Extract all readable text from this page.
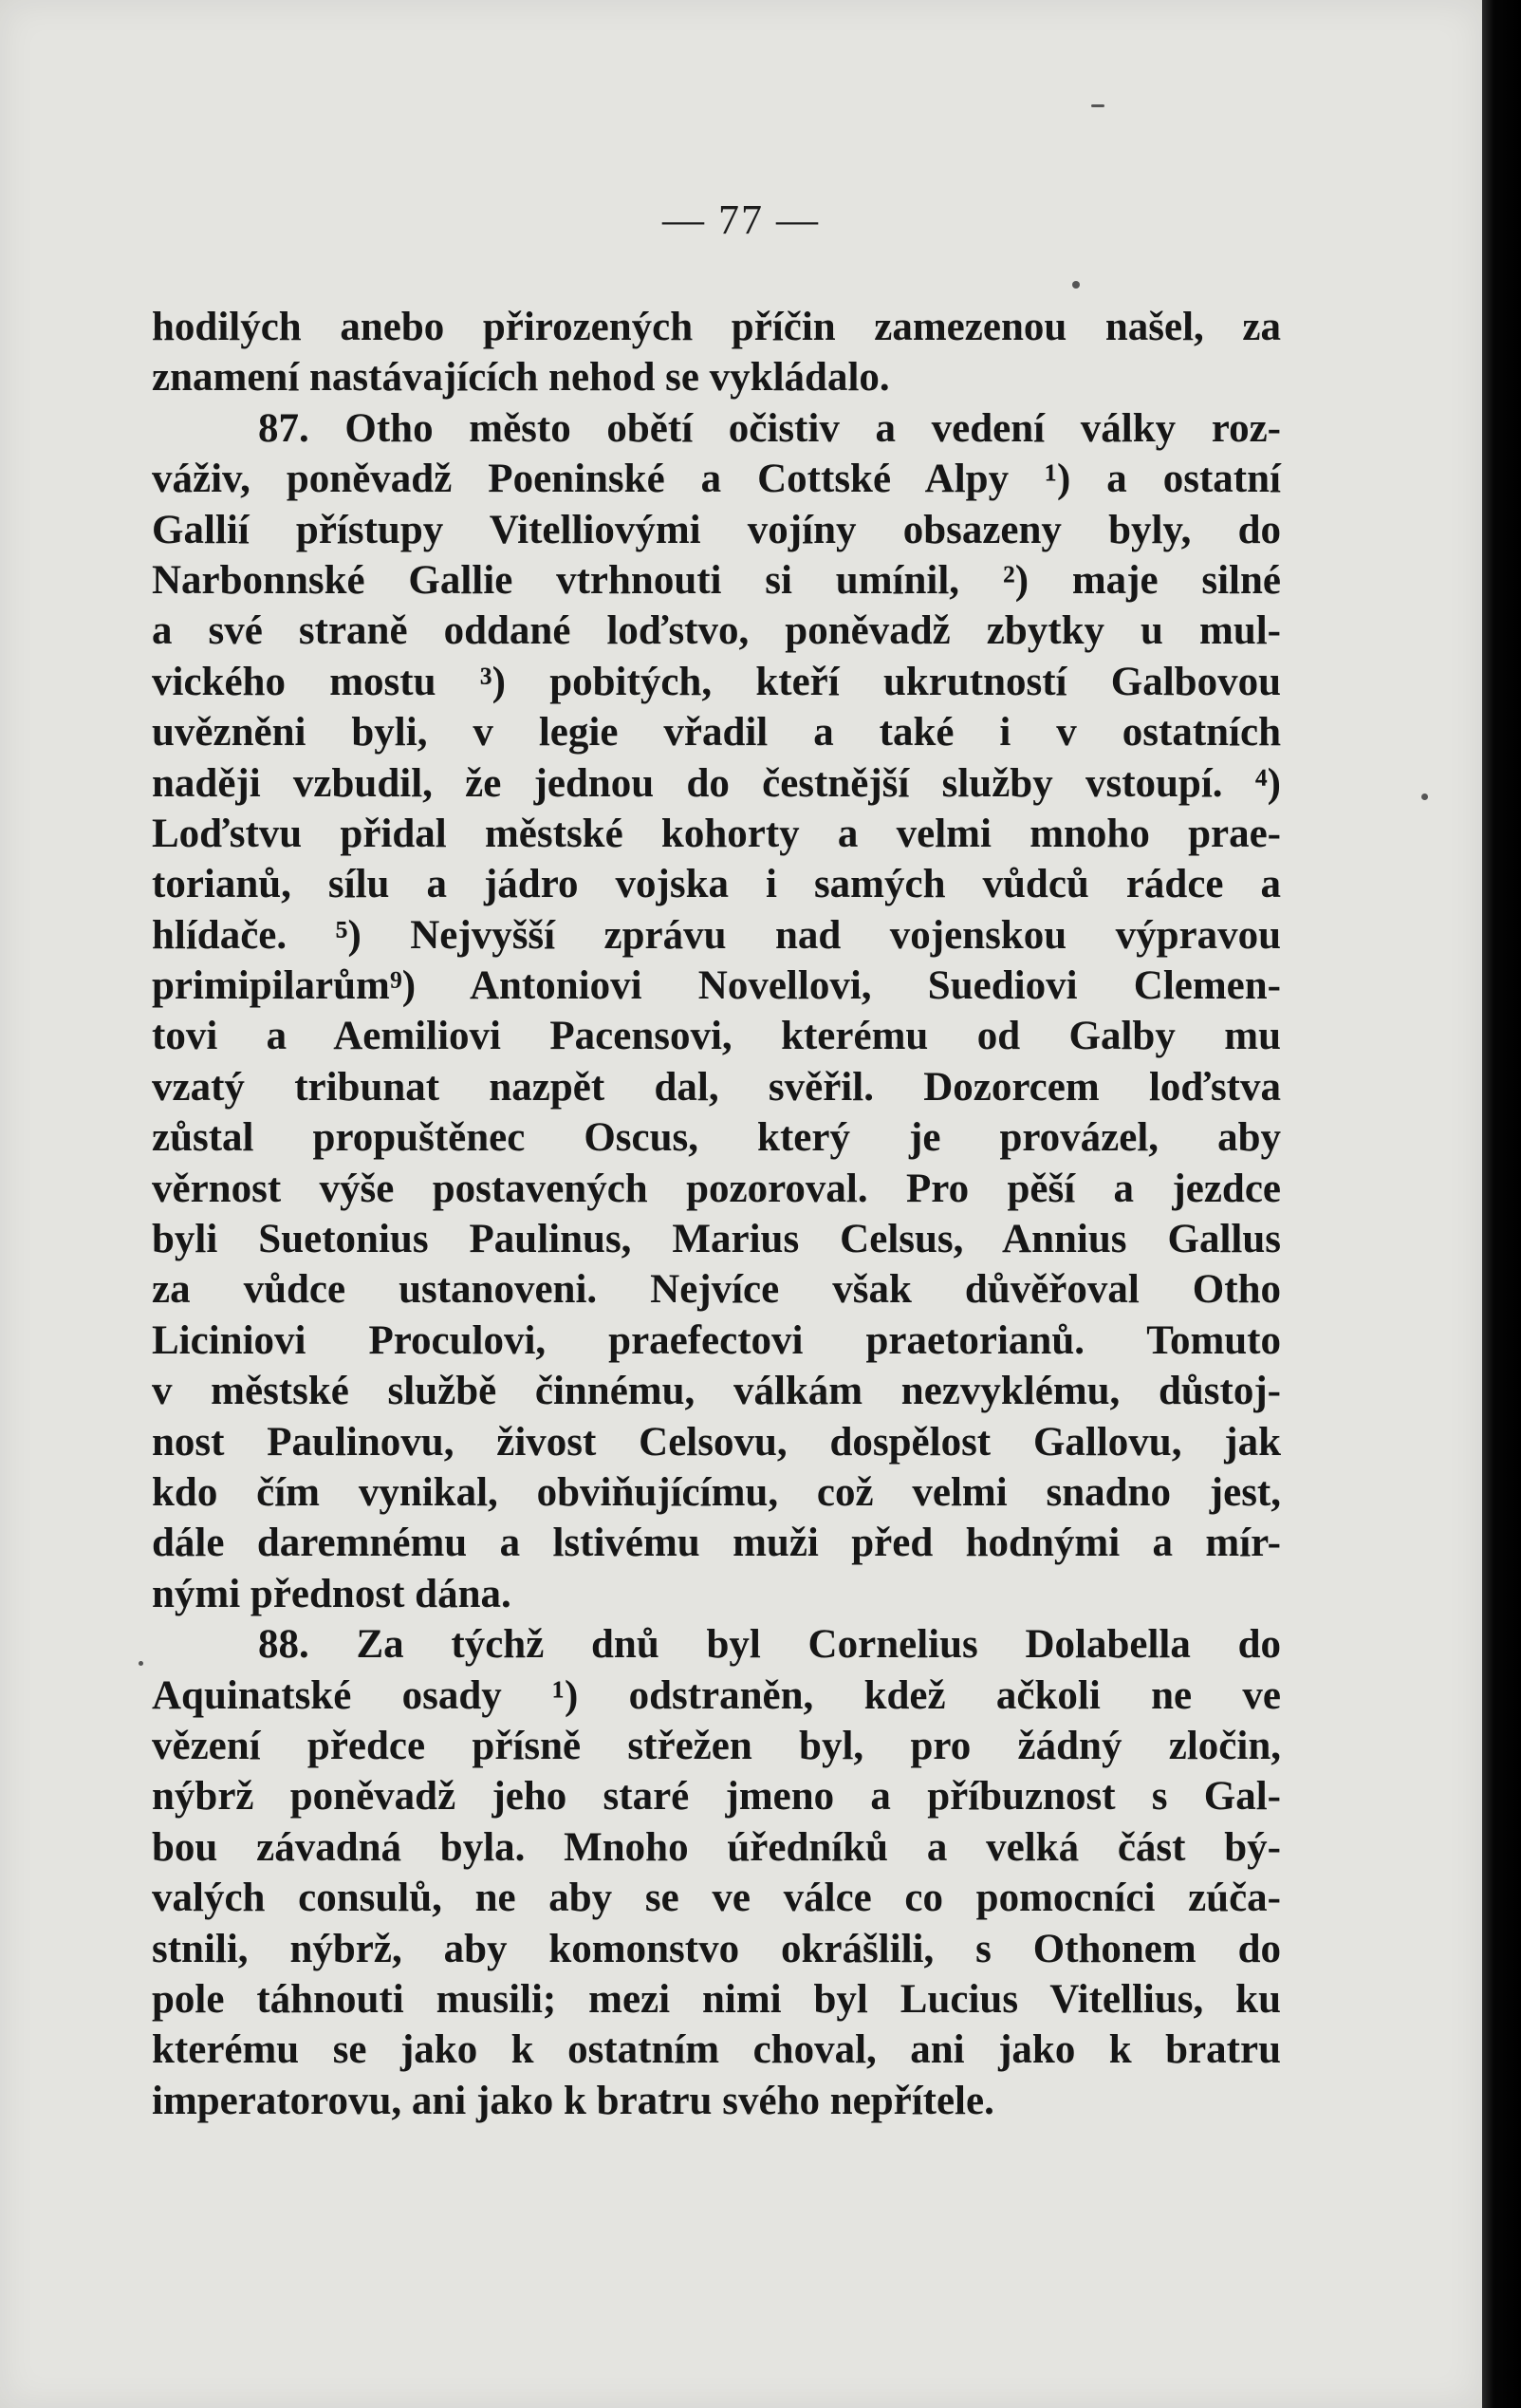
— 77 —
hodilých anebo přirozených příčin zamezenou našel, za
znamení nastávajících nehod se vykládalo.
87. Otho město obětí očistiv a vedení války roz-
váživ, poněvadž Poeninské a Cottské Alpy ¹) a ostatní
Gallií přístupy Vitelliovými vojíny obsazeny byly, do
Narbonnské Gallie vtrhnouti si umínil, ²) maje silné
a své straně oddané loďstvo, poněvadž zbytky u mul-
vického mostu ³) pobitých, kteří ukrutností Galbovou
uvězněni byli, v legie vřadil a také i v ostatních
naději vzbudil, že jednou do čestnější služby vstoupí. ⁴)
Loďstvu přidal městské kohorty a velmi mnoho prae-
torianů, sílu a jádro vojska i samých vůdců rádce a
hlídače. ⁵) Nejvyšší zprávu nad vojenskou výpravou
primipilarům⁹) Antoniovi Novellovi, Suediovi Clemen-
tovi a Aemiliovi Pacensovi, kterému od Galby mu
vzatý tribunat nazpět dal, svěřil. Dozorcem loďstva
zůstal propuštěnec Oscus, který je provázel, aby
věrnost výše postavených pozoroval. Pro pěší a jezdce
byli Suetonius Paulinus, Marius Celsus, Annius Gallus
za vůdce ustanoveni. Nejvíce však důvěřoval Otho
Liciniovi Proculovi, praefectovi praetorianů. Tomuto
v městské službě činnému, válkám nezvyklému, důstoj-
nost Paulinovu, živost Celsovu, dospělost Gallovu, jak
kdo čím vynikal, obviňujícímu, což velmi snadno jest,
dále daremnému a lstivému muži před hodnými a mír-
nými přednost dána.
88. Za týchž dnů byl Cornelius Dolabella do
Aquinatské osady ¹) odstraněn, kdež ačkoli ne ve
vězení předce přísně střežen byl, pro žádný zločin,
nýbrž poněvadž jeho staré jmeno a příbuznost s Gal-
bou závadná byla. Mnoho úředníků a velká část bý-
valých consulů, ne aby se ve válce co pomocníci zúča-
stnili, nýbrž, aby komonstvo okrášlili, s Othonem do
pole táhnouti musili; mezi nimi byl Lucius Vitellius, ku
kterému se jako k ostatním choval, ani jako k bratru
imperatorovu, ani jako k bratru svého nepřítele.
